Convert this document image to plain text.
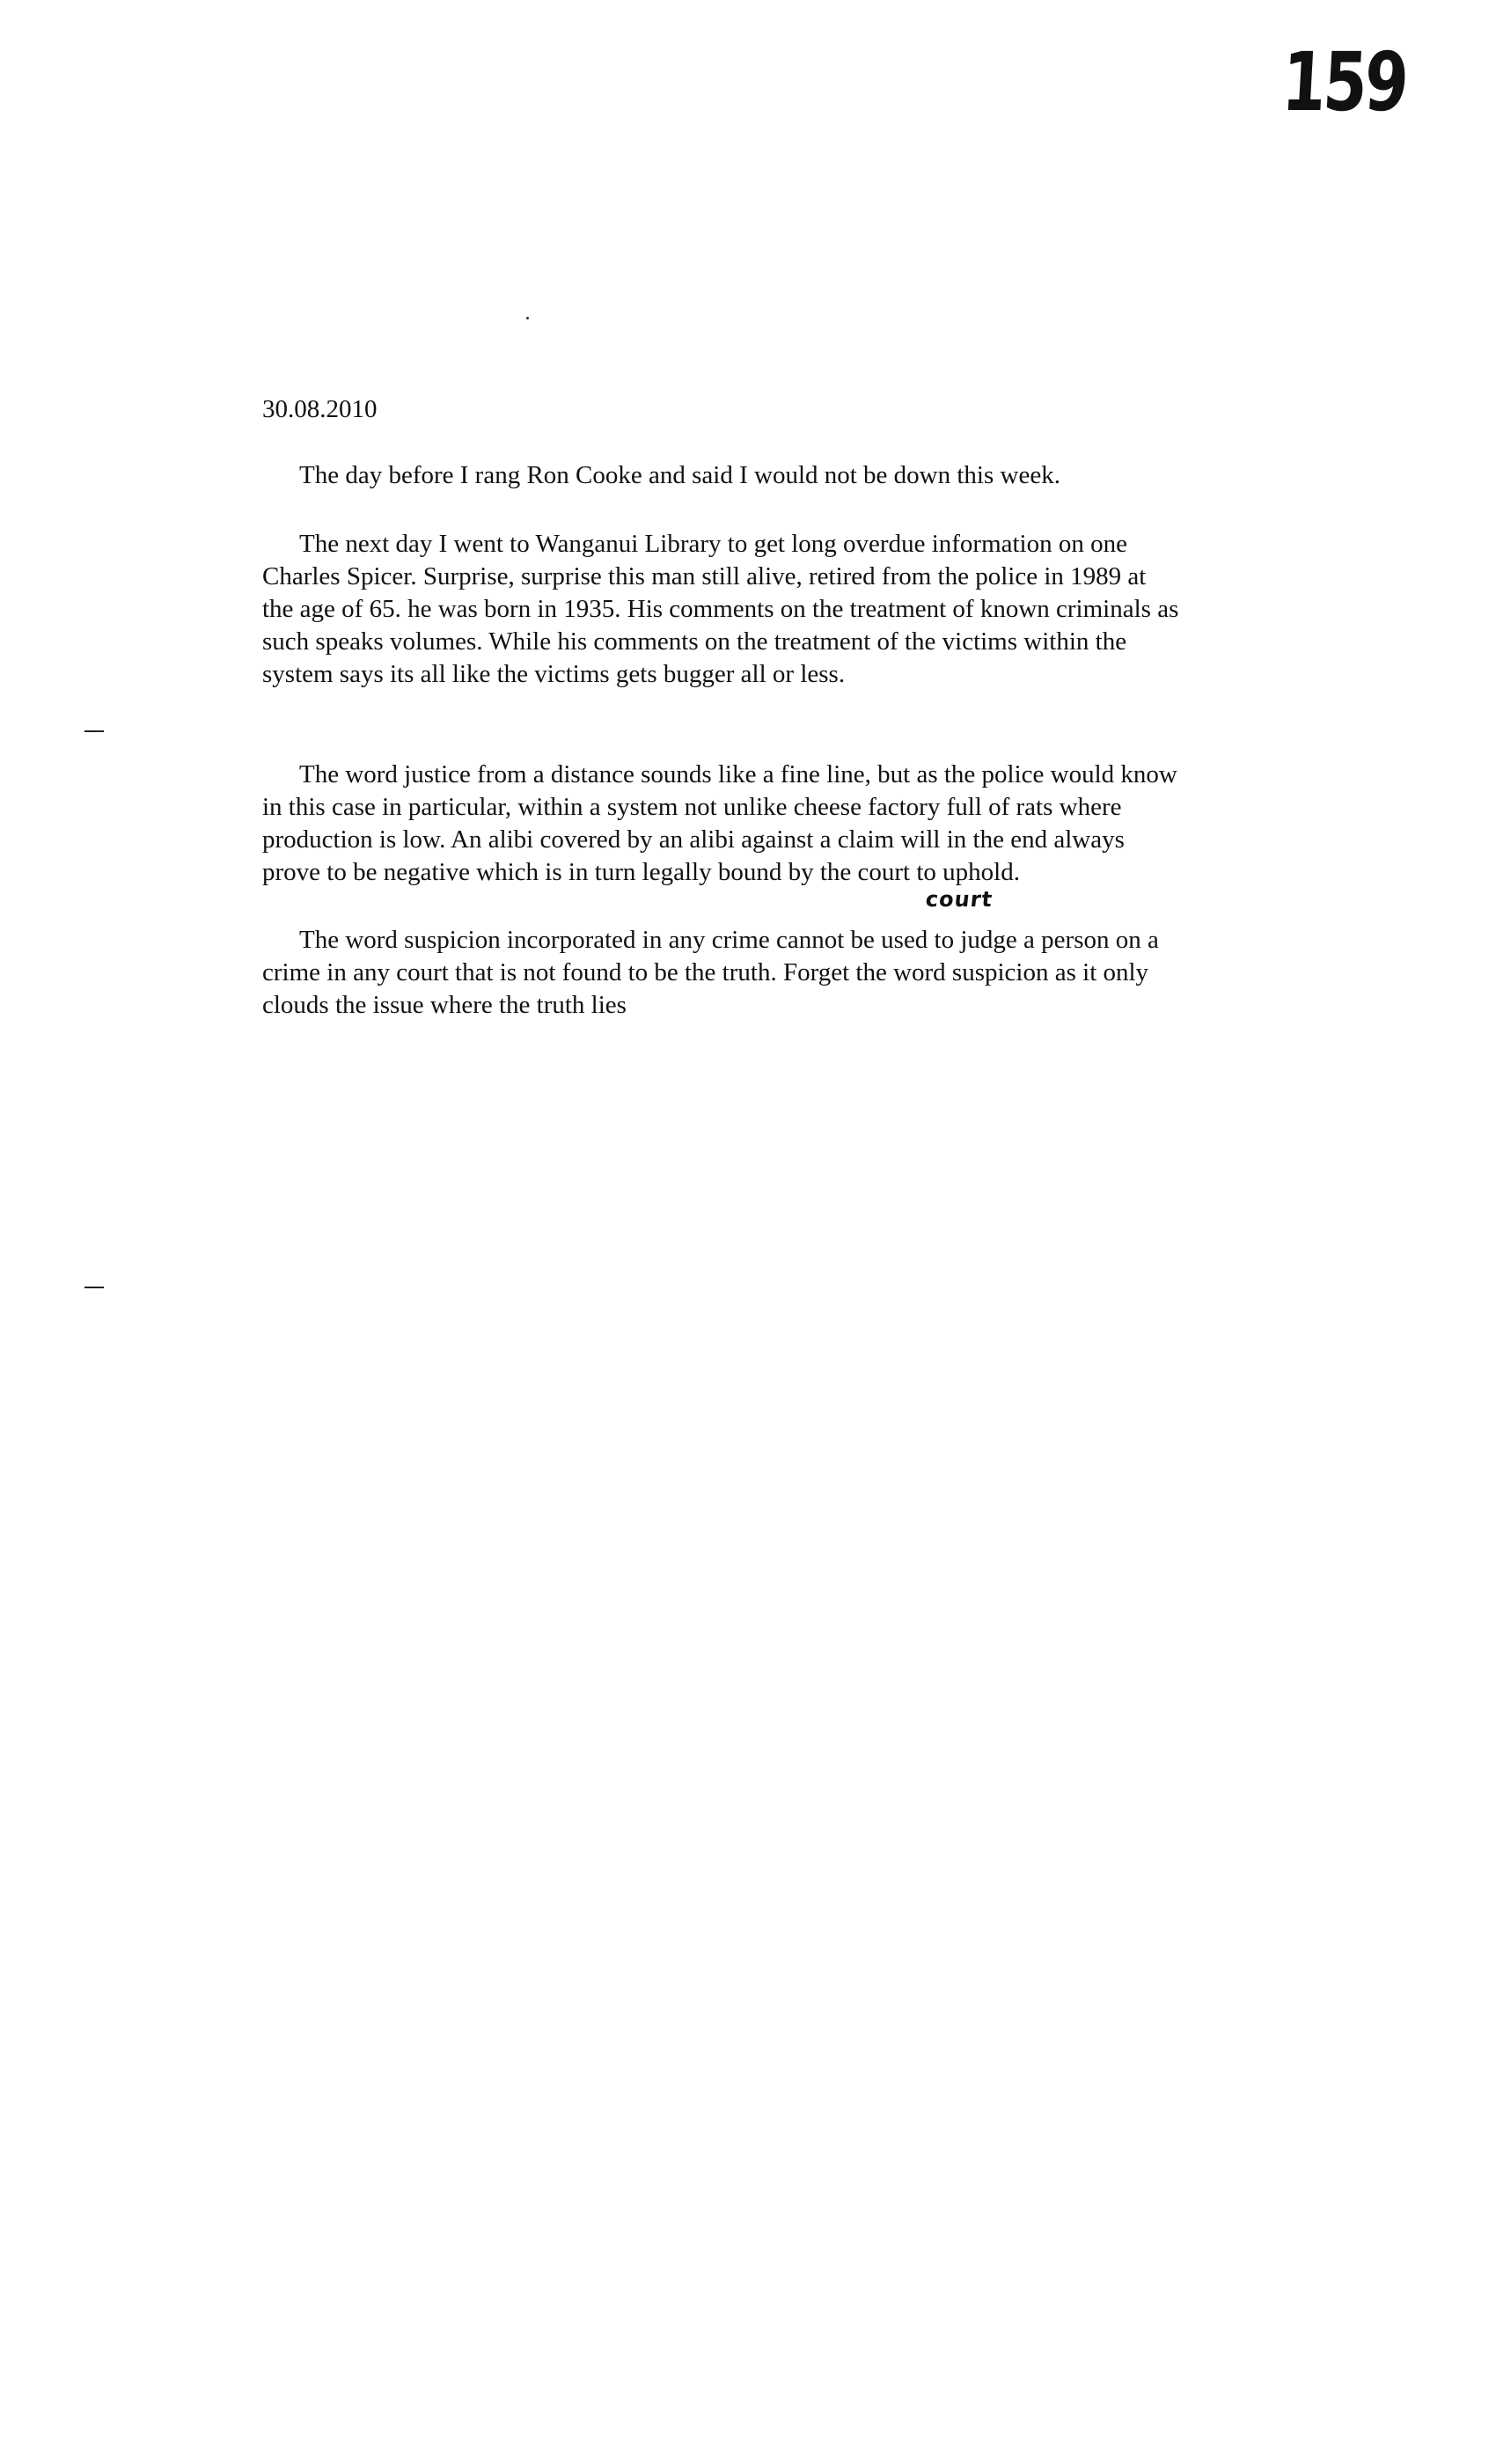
159
30.08.2010
The day before I rang Ron Cooke and said I would not be down this week.
The next day I went to Wanganui Library to get long overdue information on one
Charles Spicer. Surprise, surprise this man still alive, retired from the police in 1989 at
the age of 65. he was born in 1935. His comments on the treatment of known criminals as
such speaks volumes. While his comments on the treatment of the victims within the
system says its all like the victims gets bugger all or less.
The word justice from a distance sounds like a fine line, but as the police would know
in this case in particular, within a system not unlike cheese factory full of rats where
production is low. An alibi covered by an alibi against a claim will in the end always
prove to be negative which is in turn legally bound by the court to uphold.
court
The word suspicion incorporated in any crime cannot be used to judge a person on a
crime in any court that is not found to be the truth. Forget the word suspicion as it only
clouds the issue where the truth lies
